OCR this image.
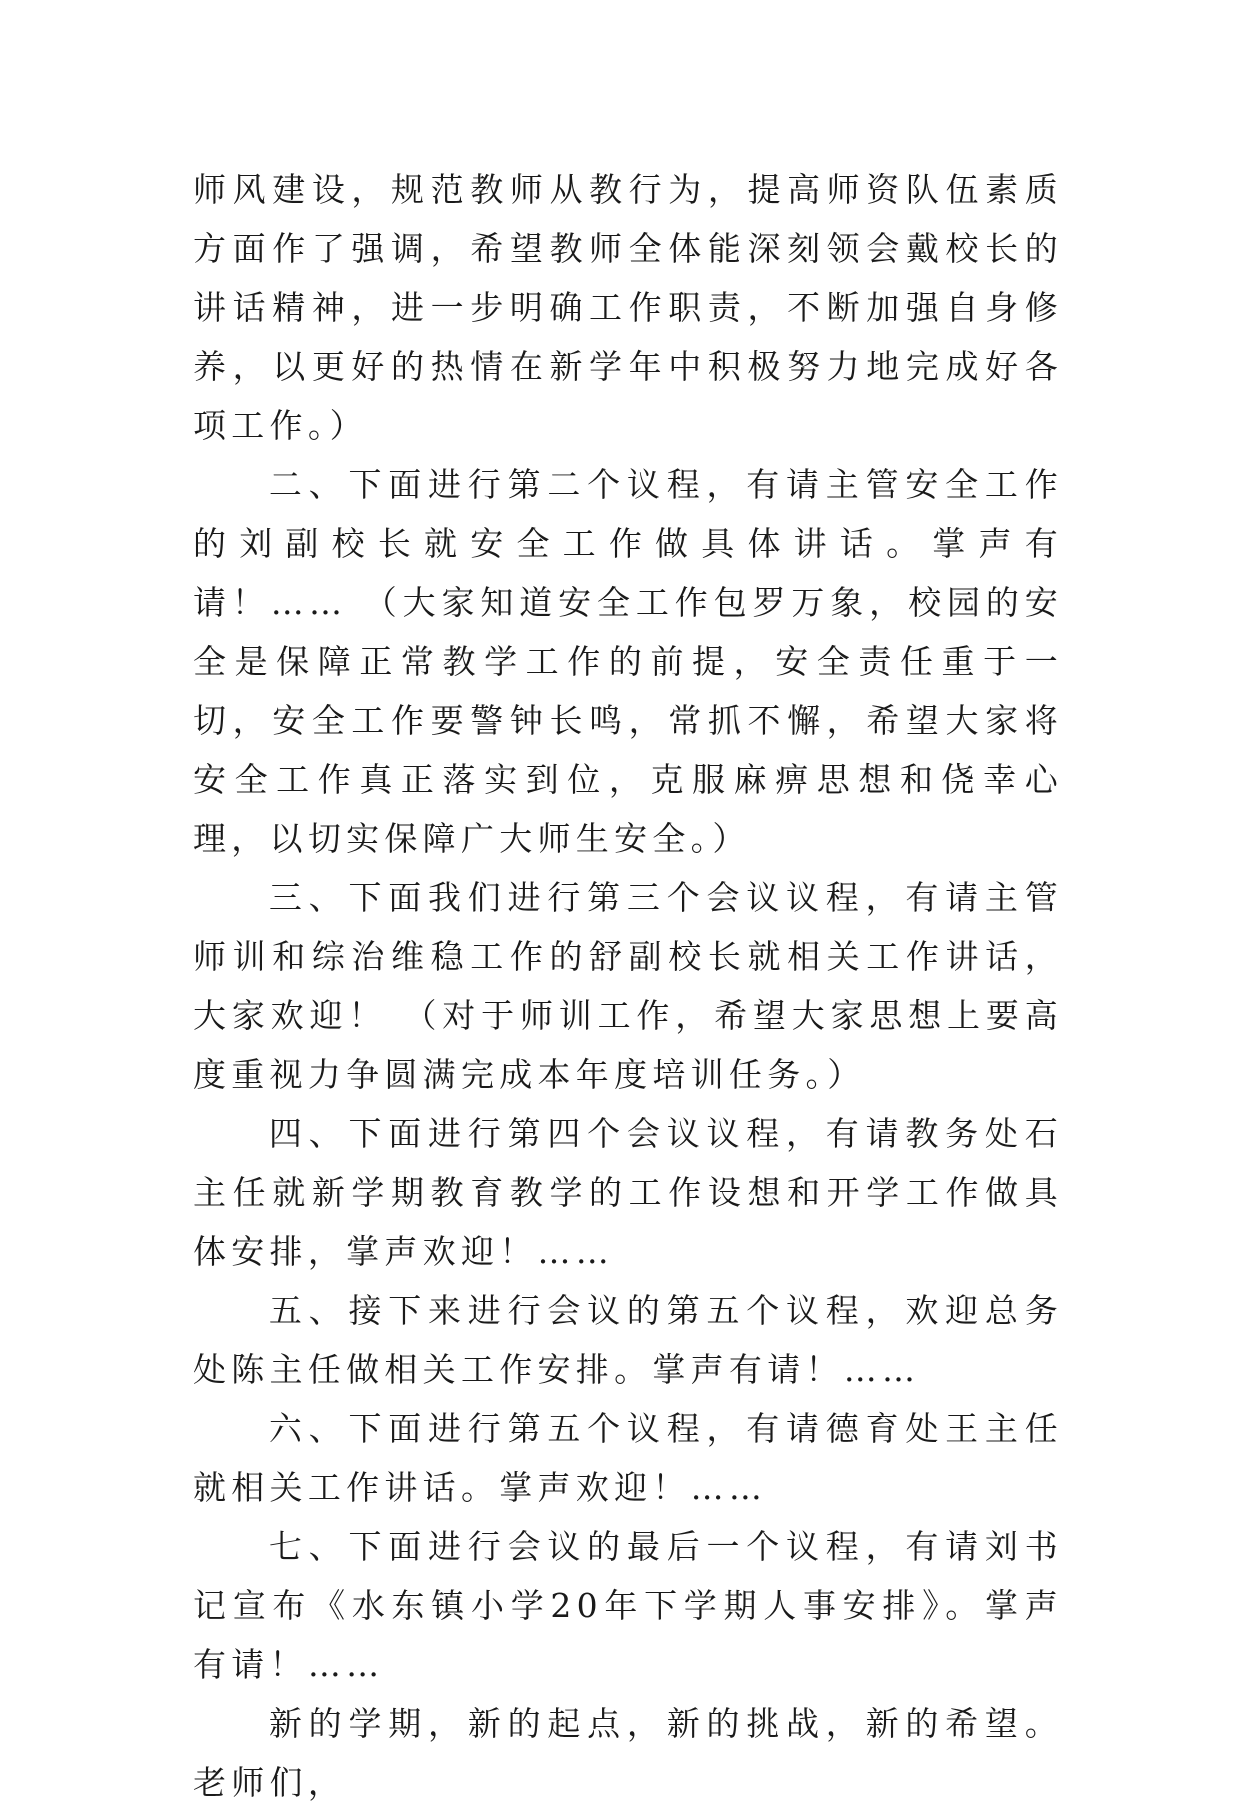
师风建设，规范教师从教行为，提高师资队伍素质方面作了强调，希望教师全体能深刻领会戴校长的讲话精神，进一步明确工作职责，不断加强自身修养，以更好的热情在新学年中积极努力地完成好各项工作。）

二、下面进行第二个议程，有请主管安全工作的刘副校长就安全工作做具体讲话。掌声有请！…… （大家知道安全工作包罗万象，校园的安全是保障正常教学工作的前提，安全责任重于一切，安全工作要警钟长鸣，常抓不懈，希望大家将安全工作真正落实到位，克服麻痹思想和侥幸心理，以切实保障广大师生安全。）

三、下面我们进行第三个会议议程，有请主管师训和综治维稳工作的舒副校长就相关工作讲话，大家欢迎！ （对于师训工作，希望大家思想上要高度重视力争圆满完成本年度培训任务。）

四、下面进行第四个会议议程，有请教务处石主任就新学期教育教学的工作设想和开学工作做具体安排，掌声欢迎！……

五、接下来进行会议的第五个议程，欢迎总务处陈主任做相关工作安排。掌声有请！……

六、下面进行第五个议程，有请德育处王主任就相关工作讲话。掌声欢迎！……

七、下面进行会议的最后一个议程，有请刘书记宣布《水东镇小学20年下学期人事安排》。掌声有请！……

新的学期，新的起点，新的挑战，新的希望。老师们，
